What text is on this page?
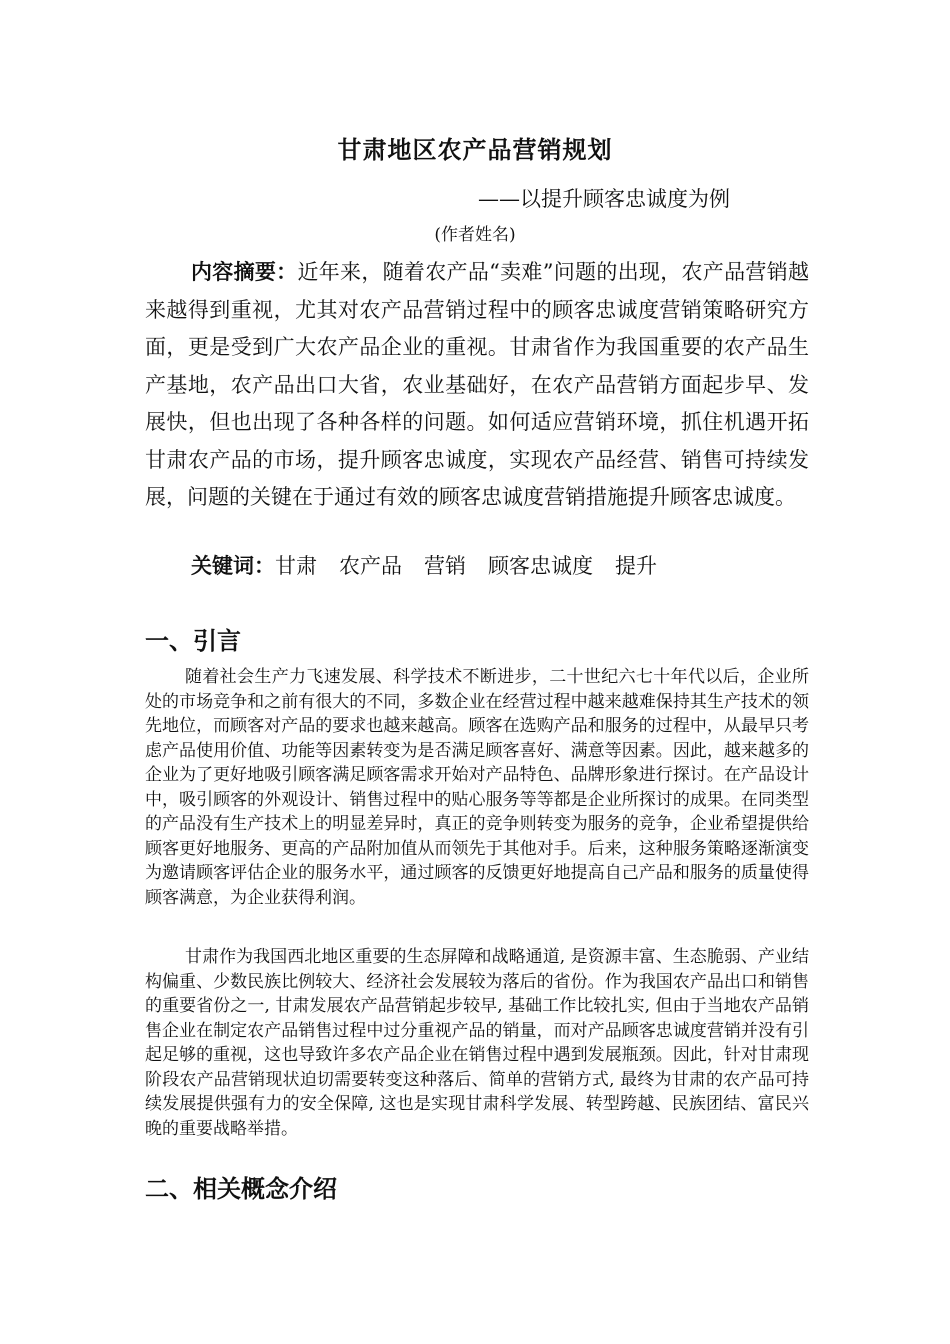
甘肃地区农产品营销规划
——以提升顾客忠诚度为例
(作者姓名)

内容摘要：近年来，随着农产品“卖难”问题的出现，农产品营销越来越得到重视，尤其对农产品营销过程中的顾客忠诚度营销策略研究方面，更是受到广大农产品企业的重视。甘肃省作为我国重要的农产品生产基地，农产品出口大省，农业基础好，在农产品营销方面起步早、发展快，但也出现了各种各样的问题。如何适应营销环境，抓住机遇开拓甘肃农产品的市场，提升顾客忠诚度，实现农产品经营、销售可持续发展，问题的关键在于通过有效的顾客忠诚度营销措施提升顾客忠诚度。

关键词：甘肃 农产品 营销 顾客忠诚度 提升
一、引言

随着社会生产力飞速发展、科学技术不断进步，二十世纪六七十年代以后，企业所处的市场竞争和之前有很大的不同，多数企业在经营过程中越来越难保持其生产技术的领先地位，而顾客对产品的要求也越来越高。顾客在选购产品和服务的过程中，从最早只考虑产品使用价值、功能等因素转变为是否满足顾客喜好、满意等因素。因此，越来越多的企业为了更好地吸引顾客满足顾客需求开始对产品特色、品牌形象进行探讨。在产品设计中，吸引顾客的外观设计、销售过程中的贴心服务等等都是企业所探讨的成果。在同类型的产品没有生产技术上的明显差异时，真正的竞争则转变为服务的竞争，企业希望提供给顾客更好地服务、更高的产品附加值从而领先于其他对手。后来，这种服务策略逐渐演变为邀请顾客评估企业的服务水平，通过顾客的反馈更好地提高自己产品和服务的质量使得顾客满意，为企业获得利润。

甘肃作为我国西北地区重要的生态屏障和战略通道, 是资源丰富、生态脆弱、产业结构偏重、少数民族比例较大、经济社会发展较为落后的省份。作为我国农产品出口和销售的重要省份之一, 甘肃发展农产品营销起步较早, 基础工作比较扎实, 但由于当地农产品销售企业在制定农产品销售过程中过分重视产品的销量，而对产品顾客忠诚度营销并没有引起足够的重视，这也导致许多农产品企业在销售过程中遇到发展瓶颈。因此，针对甘肃现阶段农产品营销现状迫切需要转变这种落后、简单的营销方式, 最终为甘肃的农产品可持续发展提供强有力的安全保障, 这也是实现甘肃科学发展、转型跨越、民族团结、富民兴晚的重要战略举措。

二、相关概念介绍
